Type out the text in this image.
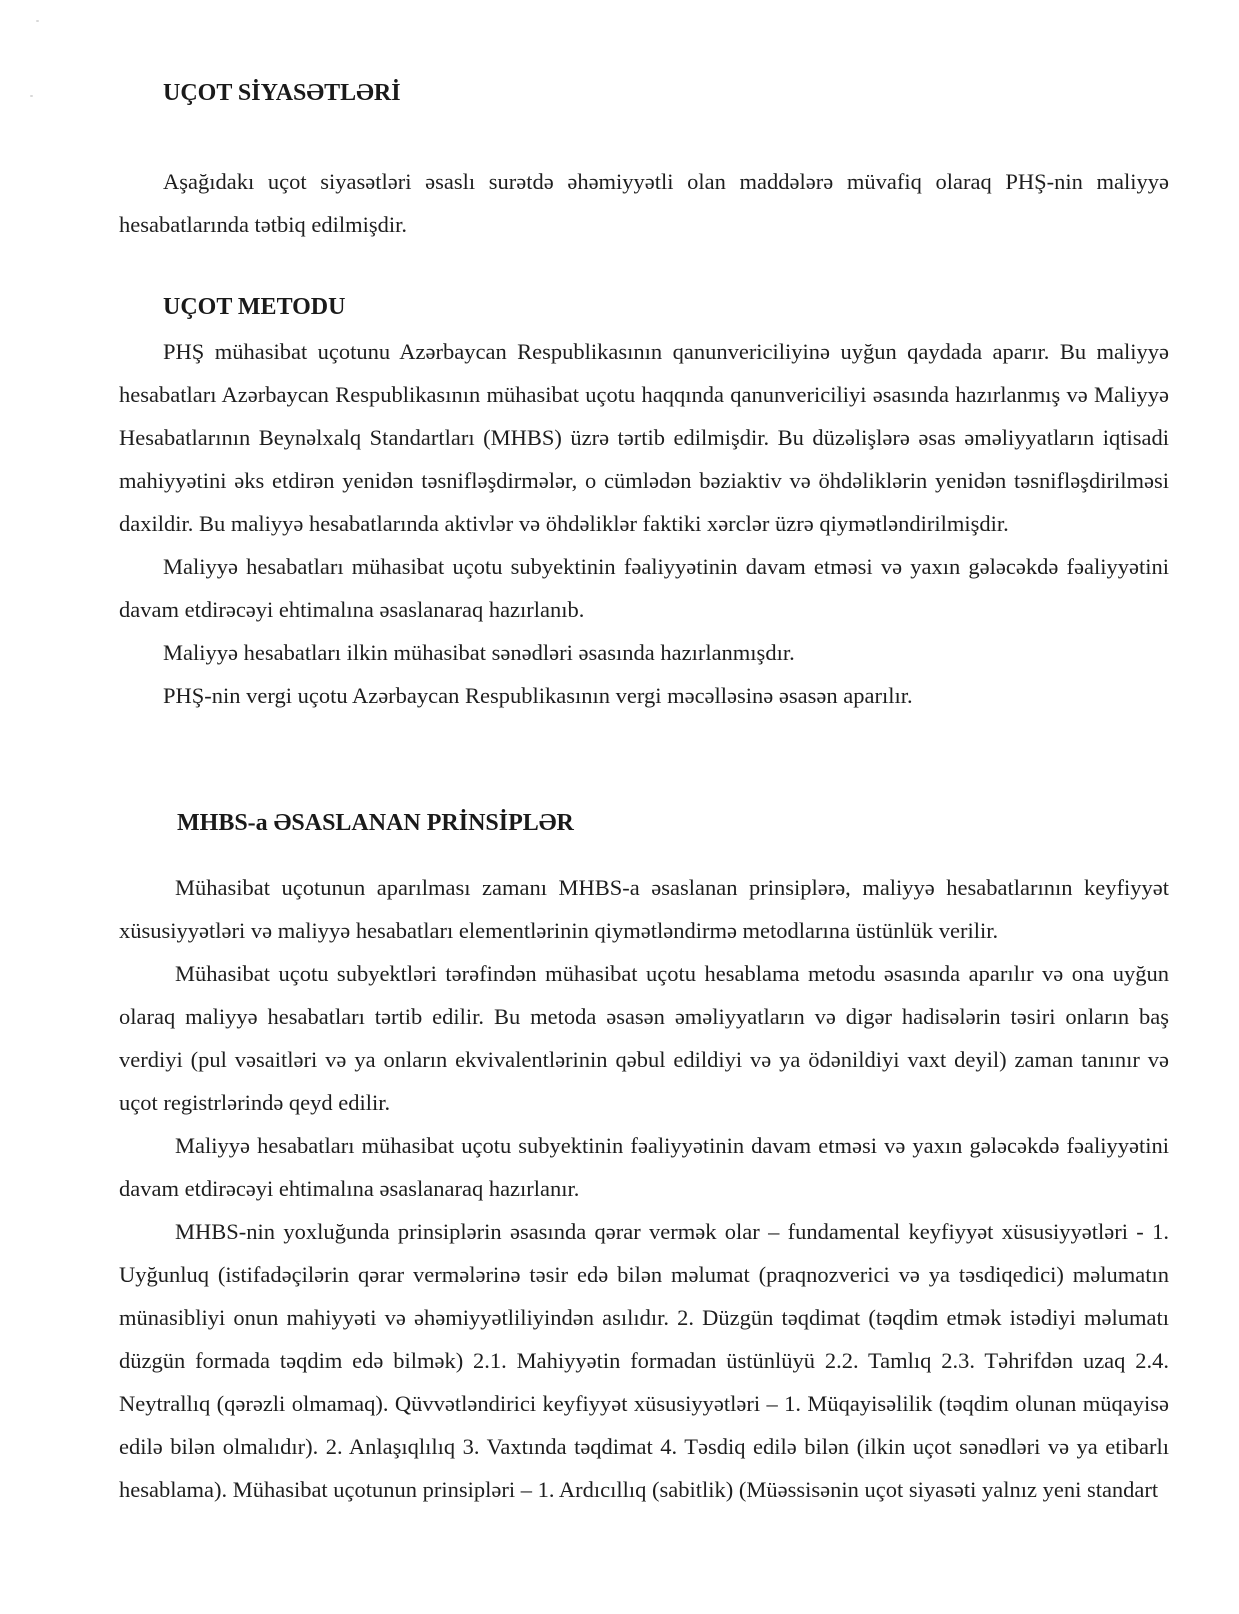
UÇOT SİYASƏTLƏRİ

Aşağıdakı uçot siyasətləri əsaslı surətdə əhəmiyyətli olan maddələrə müvafiq olaraq PHŞ-nin maliyyə hesabatlarında tətbiq edilmişdir.

UÇOT METODU

PHŞ mühasibat uçotunu Azərbaycan Respublikasının qanunvericiliyinə uyğun qaydada aparır. Bu maliyyə hesabatları Azərbaycan Respublikasının mühasibat uçotu haqqında qanunvericiliyi əsasında hazırlanmış və Maliyyə Hesabatlarının Beynəlxalq Standartları (MHBS) üzrə tərtib edilmişdir. Bu düzəlişlərə əsas əməliyyatların iqtisadi mahiyyətini əks etdirən yenidən təsnifləşdirmələr, o cümlədən bəziaktiv və öhdəliklərin yenidən təsnifləşdirilməsi daxildir. Bu maliyyə hesabatlarında aktivlər və öhdəliklər faktiki xərclər üzrə qiymətləndirilmişdir.

Maliyyə hesabatları mühasibat uçotu subyektinin fəaliyyətinin davam etməsi və yaxın gələcəkdə fəaliyyətini davam etdirəcəyi ehtimalına əsaslanaraq hazırlanıb.

Maliyyə hesabatları ilkin mühasibat sənədləri əsasında hazırlanmışdır.

PHŞ-nin vergi uçotu Azərbaycan Respublikasının vergi məcəlləsinə əsasən aparılır.

MHBS-a ƏSASLANAN PRİNSİPLƏR

Mühasibat uçotunun aparılması zamanı MHBS-a əsaslanan prinsiplərə, maliyyə hesabatlarının keyfiyyət xüsusiyyətləri və maliyyə hesabatları elementlərinin qiymətləndirmə metodlarına üstünlük verilir.

Mühasibat uçotu subyektləri tərəfindən mühasibat uçotu hesablama metodu əsasında aparılır və ona uyğun olaraq maliyyə hesabatları tərtib edilir. Bu metoda əsasən əməliyyatların və digər hadisələrin təsiri onların baş verdiyi (pul vəsaitləri və ya onların ekvivalentlərinin qəbul edildiyi və ya ödənildiyi vaxt deyil) zaman tanınır və uçot registrlərində qeyd edilir.

Maliyyə hesabatları mühasibat uçotu subyektinin fəaliyyətinin davam etməsi və yaxın gələcəkdə fəaliyyətini davam etdirəcəyi ehtimalına əsaslanaraq hazırlanır.

MHBS-nin yoxluğunda prinsiplərin əsasında qərar vermək olar – fundamental keyfiyyət xüsusiyyətləri - 1. Uyğunluq (istifadəçilərin qərar vermələrinə təsir edə bilən məlumat (praqnozverici və ya təsdiqedici) məlumatın münasibliyi onun mahiyyəti və əhəmiyyətliliyindən asılıdır. 2. Düzgün təqdimat (təqdim etmək istədiyi məlumatı düzgün formada təqdim edə bilmək) 2.1. Mahiyyətin formadan üstünlüyü 2.2. Tamlıq 2.3. Təhrifdən uzaq 2.4. Neytrallıq (qərəzli olmamaq). Qüvvətləndirici keyfiyyət xüsusiyyətləri – 1. Müqayisəlilik (təqdim olunan müqayisə edilə bilən olmalıdır). 2. Anlaşıqlılıq 3. Vaxtında təqdimat 4. Təsdiq edilə bilən (ilkin uçot sənədləri və ya etibarlı hesablama). Mühasibat uçotunun prinsipləri – 1. Ardıcıllıq (sabitlik) (Müəssisənin uçot siyasəti yalnız yeni standart
